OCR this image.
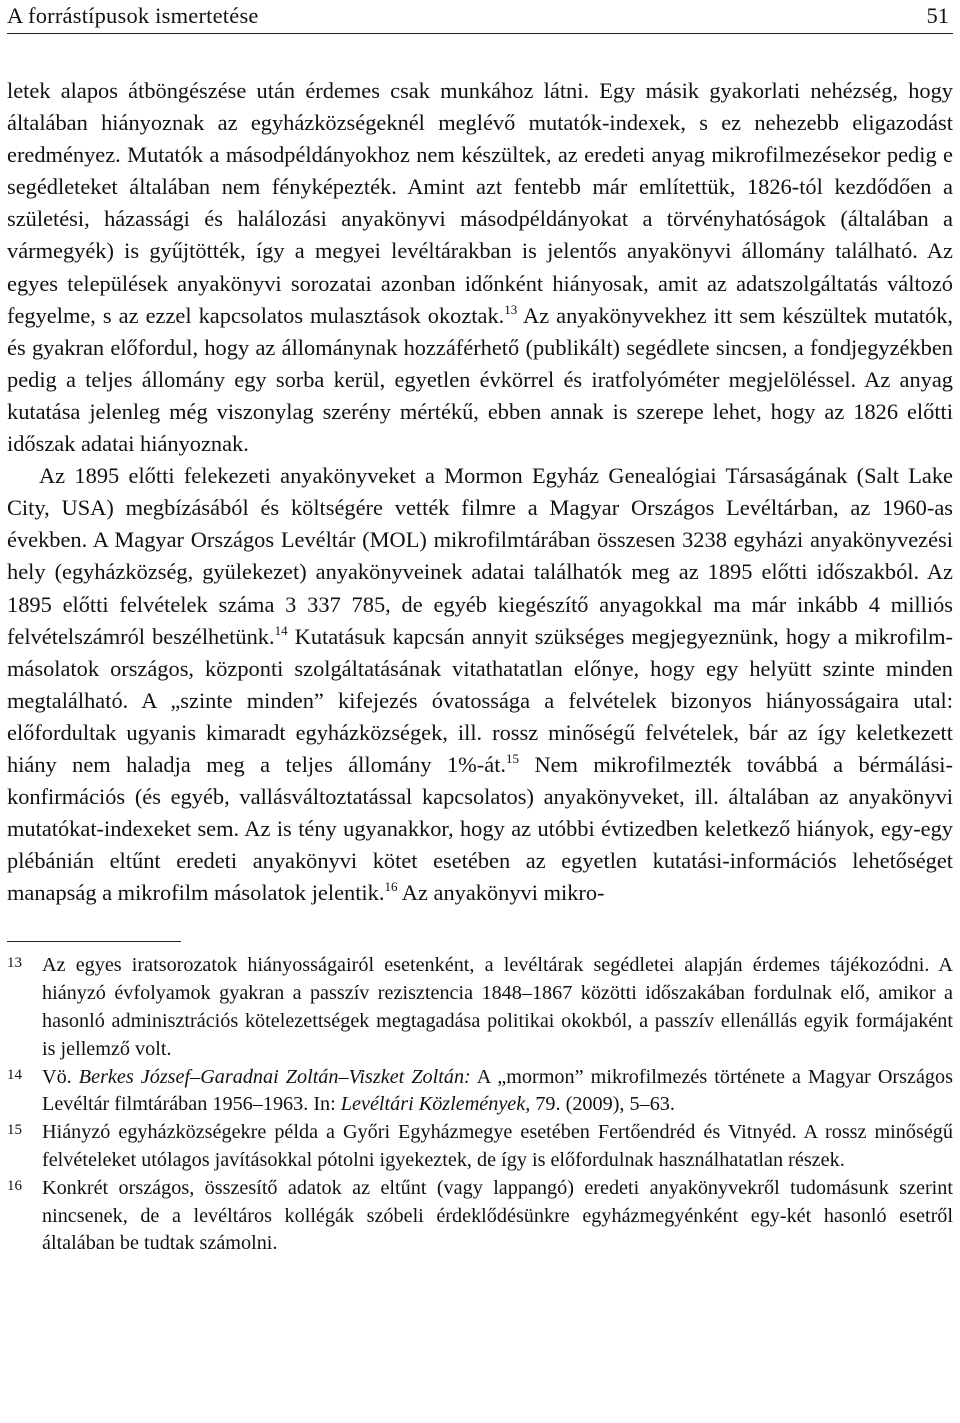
A forrástípusok ismertetése	51

letek alapos átböngészése után érdemes csak munkához látni. Egy másik gyakorlati nehézség, hogy általában hiányoznak az egyházközségeknél meglévő mutatók-indexek, s ez nehezebb eligazodást eredményez. Mutatók a másodpéldányokhoz nem készültek, az eredeti anyag mikrofilmezésekor pedig e segédleteket általában nem fényképezték. Amint azt fentebb már említettük, 1826-tól kezdődően a születési, házassági és halálozási anyakönyvi másodpéldányokat a törvényhatóságok (általában a vármegyék) is gyűjtötték, így a megyei levéltárakban is jelentős anyakönyvi állomány található. Az egyes települések anyakönyvi sorozatai azonban időnként hiányosak, amit az adatszolgáltatás változó fegyelme, s az ezzel kapcsolatos mulasztások okoztak.$^{13}$ Az anyakönyvekhez itt sem készültek mutatók, és gyakran előfordul, hogy az állománynak hozzáférhető (publikált) segédlete sincsen, a fondjegyzékben pedig a teljes állomány egy sorba kerül, egyetlen évkörrel és iratfolyóméter megjelöléssel. Az anyag kutatása jelenleg még viszonylag szerény mértékű, ebben annak is szerepe lehet, hogy az 1826 előtti időszak adatai hiányoznak.

Az 1895 előtti felekezeti anyakönyveket a Mormon Egyház Genealógiai Társaságának (Salt Lake City, USA) megbízásából és költségére vették filmre a Magyar Országos Levéltárban, az 1960-as években. A Magyar Országos Levéltár (MOL) mikrofilmtárában összesen 3238 egyházi anyakönyvezési hely (egyházközség, gyülekezet) anyakönyveinek adatai találhatók meg az 1895 előtti időszakból. Az 1895 előtti felvételek száma 3 337 785, de egyéb kiegészítő anyagokkal ma már inkább 4 milliós felvételszámról beszélhetünk.$^{14}$ Kutatásuk kapcsán annyit szükséges megjegyeznünk, hogy a mikrofilm-másolatok országos, központi szolgáltatásának vitathatatlan előnye, hogy egy helyütt szinte minden megtalálható. A „szinte minden” kifejezés óvatossága a felvételek bizonyos hiányosságaira utal: előfordultak ugyanis kimaradt egyházközségek, ill. rossz minőségű felvételek, bár az így keletkezett hiány nem haladja meg a teljes állomány 1%-át.$^{15}$ Nem mikrofilmezték továbbá a bérmálási-konfirmációs (és egyéb, vallásváltoztatással kapcsolatos) anyakönyveket, ill. általában az anyakönyvi mutatókat-indexeket sem. Az is tény ugyanakkor, hogy az utóbbi évtizedben keletkező hiányok, egy-egy plébánián eltűnt eredeti anyakönyvi kötet esetében az egyetlen kutatási-információs lehetőséget manapság a mikrofilm másolatok jelentik.$^{16}$ Az anyakönyvi mikro-

13 Az egyes iratsorozatok hiányosságairól esetenként, a levéltárak segédletei alapján érdemes tájékozódni. A hiányzó évfolyamok gyakran a passzív rezisztencia 1848–1867 közötti időszakában fordulnak elő, amikor a hasonló adminisztrációs kötelezettségek megtagadása politikai okokból, a passzív ellenállás egyik formájaként is jellemző volt.
14 Vö. Berkes József–Garadnai Zoltán–Viszket Zoltán: A „mormon” mikrofilmezés története a Magyar Országos Levéltár filmtárában 1956–1963. In: Levéltári Közlemények, 79. (2009), 5–63.
15 Hiányzó egyházközségekre példa a Győri Egyházmegye esetében Fertőendréd és Vitnyéd. A rossz minőségű felvételeket utólagos javításokkal pótolni igyekeztek, de így is előfordulnak használhatatlan részek.
16 Konkrét országos, összesítő adatok az eltűnt (vagy lappangó) eredeti anyakönyvekről tudomásunk szerint nincsenek, de a levéltáros kollégák szóbeli érdeklődésünkre egyházmegyénként egy-két hasonló esetről általában be tudtak számolni.
